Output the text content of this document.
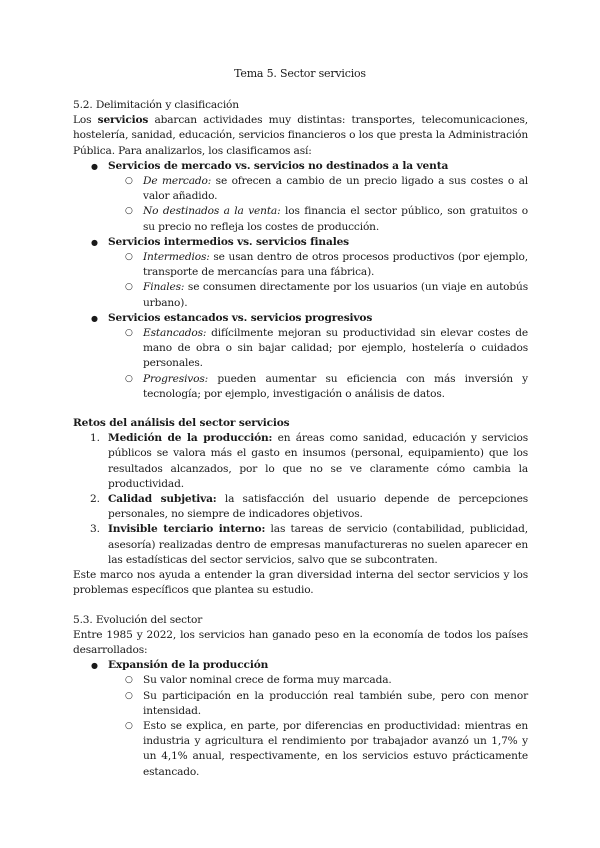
Tema 5. Sector servicios

5.2. Delimitación y clasificación

Los servicios abarcan actividades muy distintas: transportes, telecomunicaciones, hostelería, sanidad, educación, servicios financieros o los que presta la Administración Pública. Para analizarlos, los clasificamos así:

● Servicios de mercado vs. servicios no destinados a la venta
○ De mercado: se ofrecen a cambio de un precio ligado a sus costes o al valor añadido.
○ No destinados a la venta: los financia el sector público, son gratuitos o su precio no refleja los costes de producción.
● Servicios intermedios vs. servicios finales
○ Intermedios: se usan dentro de otros procesos productivos (por ejemplo, transporte de mercancías para una fábrica).
○ Finales: se consumen directamente por los usuarios (un viaje en autobús urbano).
● Servicios estancados vs. servicios progresivos
○ Estancados: difícilmente mejoran su productividad sin elevar costes de mano de obra o sin bajar calidad; por ejemplo, hostelería o cuidados personales.
○ Progresivos: pueden aumentar su eficiencia con más inversión y tecnología; por ejemplo, investigación o análisis de datos.

Retos del análisis del sector servicios

1. Medición de la producción: en áreas como sanidad, educación y servicios públicos se valora más el gasto en insumos (personal, equipamiento) que los resultados alcanzados, por lo que no se ve claramente cómo cambia la productividad.
2. Calidad subjetiva: la satisfacción del usuario depende de percepciones personales, no siempre de indicadores objetivos.
3. Invisible terciario interno: las tareas de servicio (contabilidad, publicidad, asesoría) realizadas dentro de empresas manufactureras no suelen aparecer en las estadísticas del sector servicios, salvo que se subcontraten.

Este marco nos ayuda a entender la gran diversidad interna del sector servicios y los problemas específicos que plantea su estudio.

5.3. Evolución del sector

Entre 1985 y 2022, los servicios han ganado peso en la economía de todos los países desarrollados:

● Expansión de la producción
○ Su valor nominal crece de forma muy marcada.
○ Su participación en la producción real también sube, pero con menor intensidad.
○ Esto se explica, en parte, por diferencias en productividad: mientras en industria y agricultura el rendimiento por trabajador avanzó un 1,7% y un 4,1% anual, respectivamente, en los servicios estuvo prácticamente estancado.
